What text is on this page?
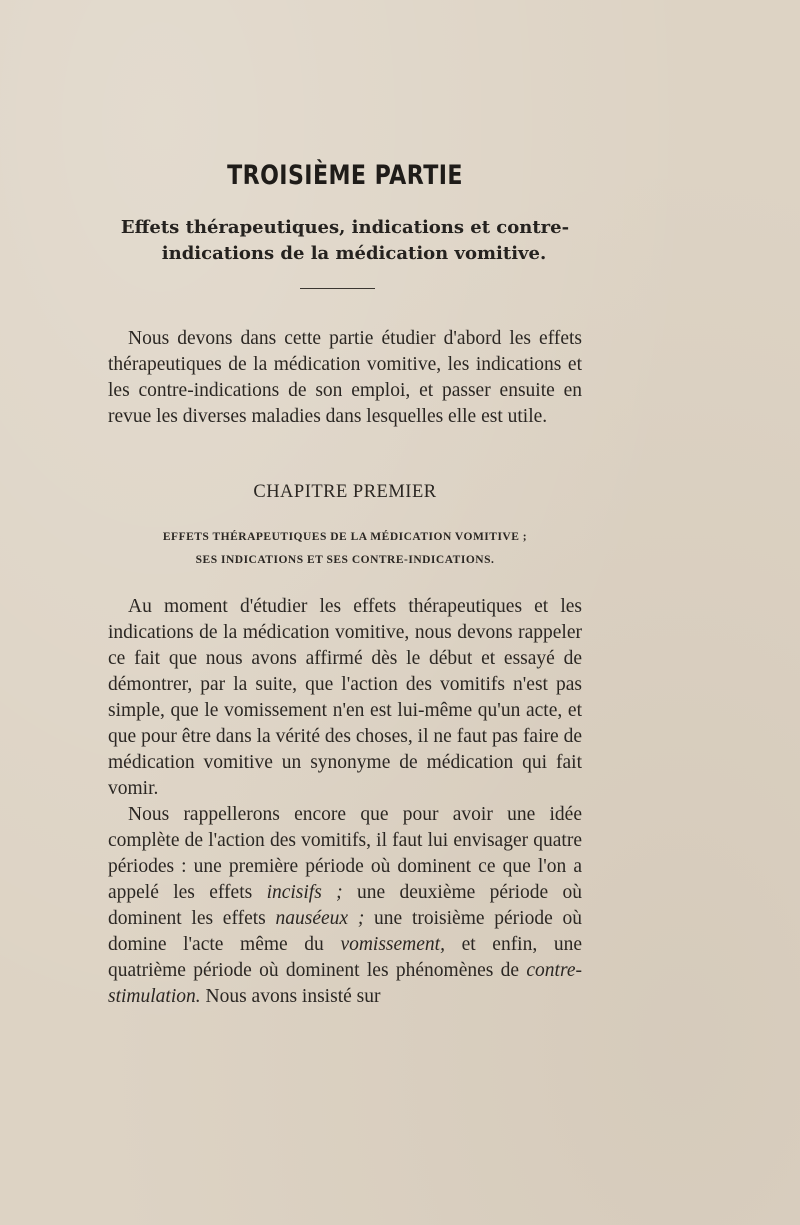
TROISIÈME PARTIE
Effets thérapeutiques, indications et contre-
indications de la médication vomitive.

Nous devons dans cette partie étudier d'abord les effets thérapeutiques de la médication vomitive, les indications et les contre-indications de son emploi, et passer ensuite en revue les diverses maladies dans lesquelles elle est utile.

CHAPITRE PREMIER
EFFETS THÉRAPEUTIQUES DE LA MÉDICATION VOMITIVE ;
SES INDICATIONS ET SES CONTRE-INDICATIONS.

Au moment d'étudier les effets thérapeutiques et les indications de la médication vomitive, nous devons rappeler ce fait que nous avons affirmé dès le début et essayé de démontrer, par la suite, que l'action des vomitifs n'est pas simple, que le vomissement n'en est lui-même qu'un acte, et que pour être dans la vérité des choses, il ne faut pas faire de médication vomitive un synonyme de médication qui fait vomir.

Nous rappellerons encore que pour avoir une idée complète de l'action des vomitifs, il faut lui envisager quatre périodes : une première période où dominent ce que l'on a appelé les effets incisifs ; une deuxième période où dominent les effets nauséeux ; une troisième période où domine l'acte même du vomissement, et enfin, une quatrième période où dominent les phénomènes de contre-stimulation. Nous avons insisté sur
